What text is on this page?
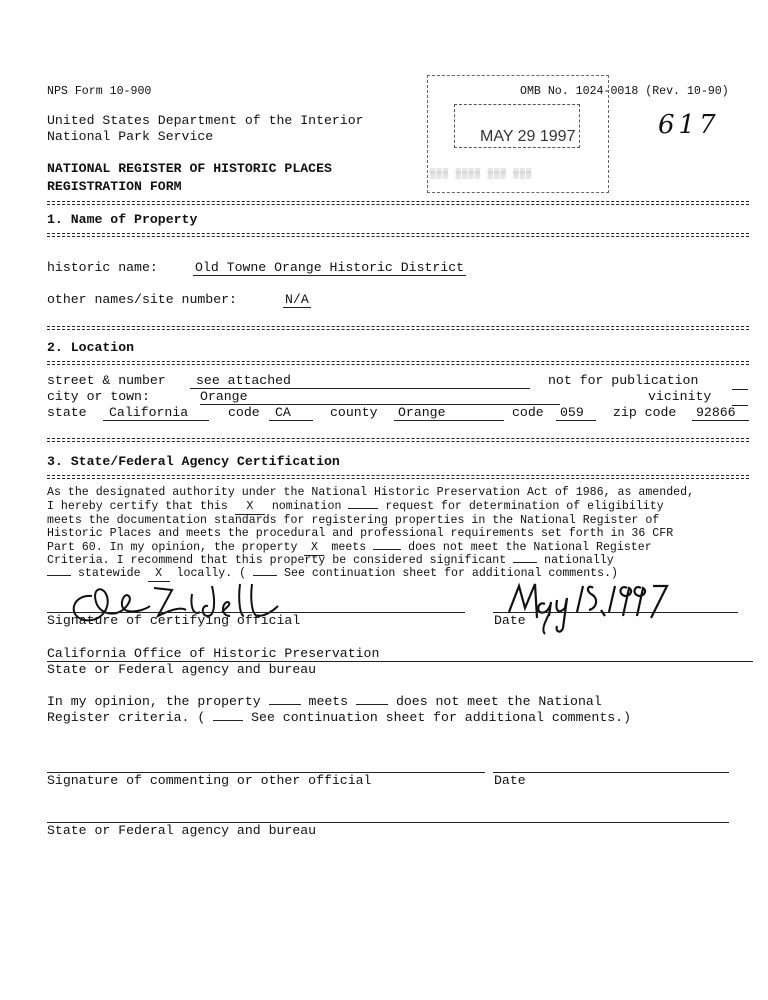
NPS Form 10-900	OMB No. 1024-0018 (Rev. 10-90)
United States Department of the Interior
National Park Service
NATIONAL REGISTER OF HISTORIC PLACES
REGISTRATION FORM
MAY 29 1997
▒▒▒ ▒▒▒▒ ▒▒▒ ▒▒▒
617
1. Name of Property
historic name:	Old Towne Orange Historic District
other names/site number:	N/A
2. Location
street & number	see attached	not for publication
city or town:	Orange	vicinity
state	California	code	CA	county	Orange	code	059	zip code	92866
3. State/Federal Agency Certification
As the designated authority under the National Historic Preservation Act of 1986, as amended,
I hereby certify that this X nomination	request for determination of eligibility
meets the documentation standards for registering properties in the National Register of
Historic Places and meets the procedural and professional requirements set forth in 36 CFR
Part 60. In my opinion, the property X meets	does not meet the National Register
Criteria. I recommend that this property be considered significant	nationally
statewide X locally. (	See continuation sheet for additional comments.)
Signature of certifying official	Date
California Office of Historic Preservation
State or Federal agency and bureau
In my opinion, the property	meets	does not meet the National
Register criteria. (	See continuation sheet for additional comments.)
Signature of commenting or other official	Date
State or Federal agency and bureau
